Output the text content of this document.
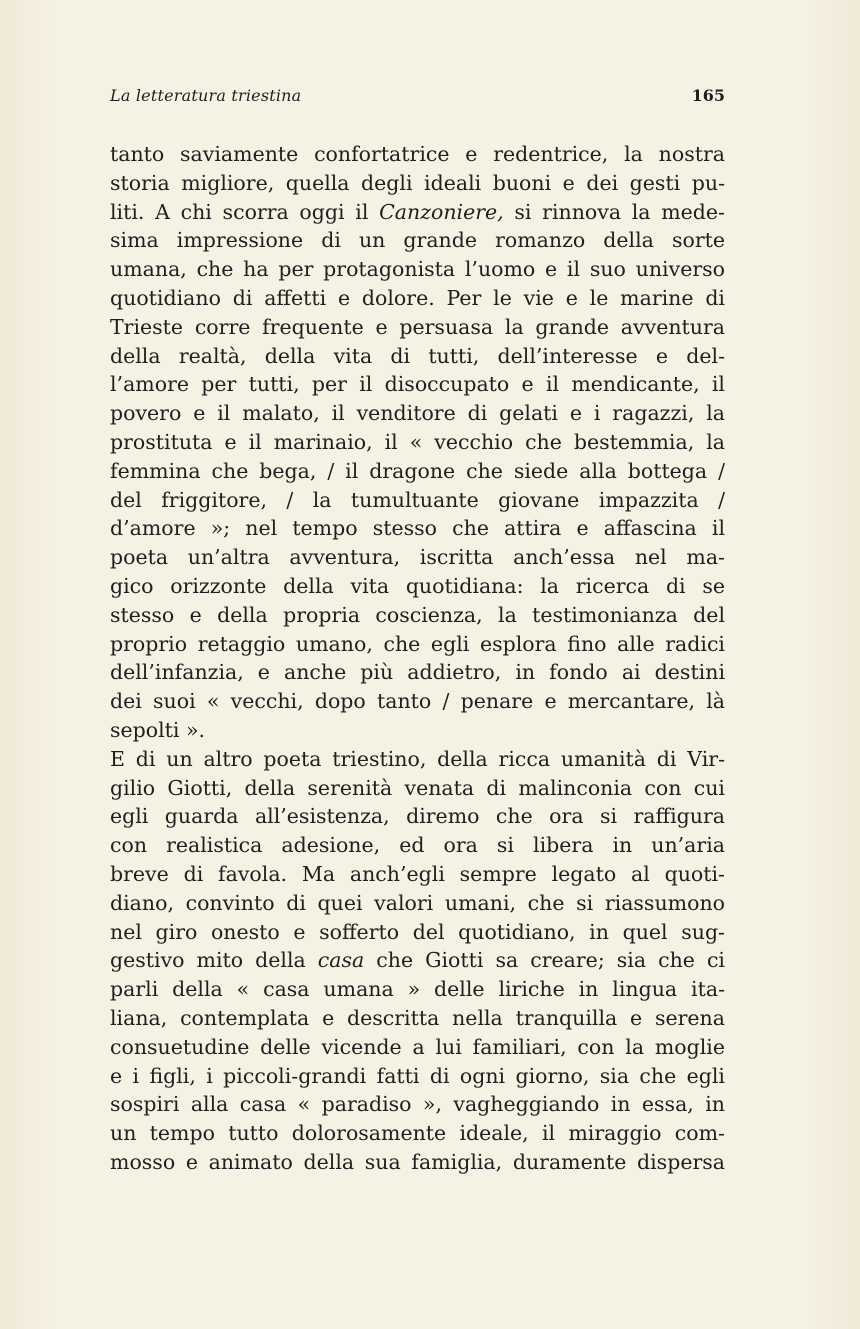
La letteratura triestina	165
tanto saviamente confortatrice e redentrice, la nostra
storia migliore, quella degli ideali buoni e dei gesti pu-
liti. A chi scorra oggi il Canzoniere, si rinnova la mede-
sima impressione di un grande romanzo della sorte
umana, che ha per protagonista l’uomo e il suo universo
quotidiano di affetti e dolore. Per le vie e le marine di
Trieste corre frequente e persuasa la grande avventura
della realtà, della vita di tutti, dell’interesse e del-
l’amore per tutti, per il disoccupato e il mendicante, il
povero e il malato, il venditore di gelati e i ragazzi, la
prostituta e il marinaio, il « vecchio che bestemmia, la
femmina che bega, / il dragone che siede alla bottega /
del friggitore, / la tumultuante giovane impazzita /
d’amore »; nel tempo stesso che attira e affascina il
poeta un’altra avventura, iscritta anch’essa nel ma-
gico orizzonte della vita quotidiana: la ricerca di se
stesso e della propria coscienza, la testimonianza del
proprio retaggio umano, che egli esplora fino alle radici
dell’infanzia, e anche più addietro, in fondo ai destini
dei suoi « vecchi, dopo tanto / penare e mercantare, là
sepolti ».
E di un altro poeta triestino, della ricca umanità di Vir-
gilio Giotti, della serenità venata di malinconia con cui
egli guarda all’esistenza, diremo che ora si raffigura
con realistica adesione, ed ora si libera in un’aria
breve di favola. Ma anch’egli sempre legato al quoti-
diano, convinto di quei valori umani, che si riassumono
nel giro onesto e sofferto del quotidiano, in quel sug-
gestivo mito della casa che Giotti sa creare; sia che ci
parli della « casa umana » delle liriche in lingua ita-
liana, contemplata e descritta nella tranquilla e serena
consuetudine delle vicende a lui familiari, con la moglie
e i figli, i piccoli-grandi fatti di ogni giorno, sia che egli
sospiri alla casa « paradiso », vagheggiando in essa, in
un tempo tutto dolorosamente ideale, il miraggio com-
mosso e animato della sua famiglia, duramente dispersa
